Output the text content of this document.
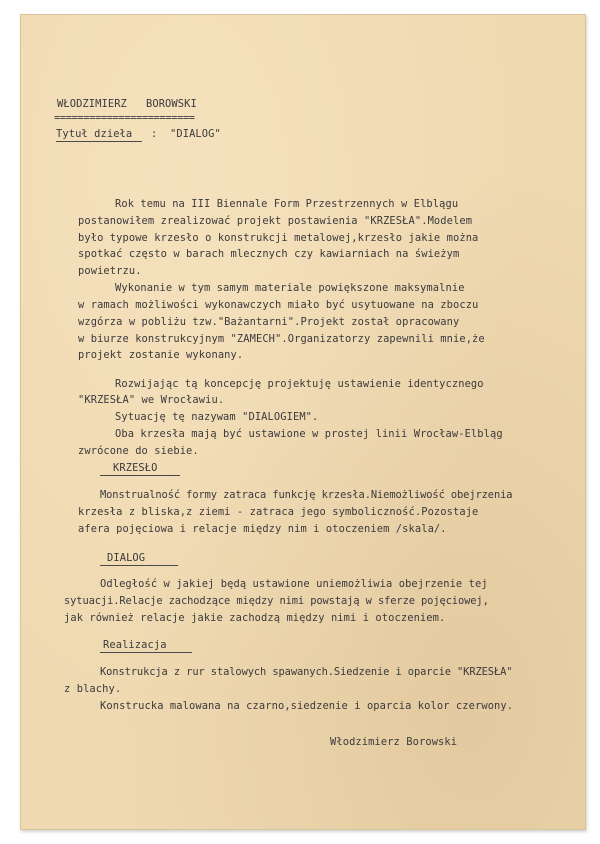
WŁODZIMIERZ   BOROWSKI
========================
Tytuł dzieła : "DIALOG"
Rok temu na III Biennale Form Przestrzennych w Elblągu
postanowiłem zrealizować projekt postawienia "KRZESŁA".Modelem
było typowe krzesło o konstrukcji metalowej,krzesło jakie można
spotkać często w barach mlecznych czy kawiarniach na świeżym
powietrzu.
Wykonanie w tym samym materiale powiększone maksymalnie
w ramach możliwości wykonawczych miało być usytuowane na zboczu
wzgórza w pobliżu tzw."Bażantarni".Projekt został opracowany
w biurze konstrukcyjnym "ZAMECH".Organizatorzy zapewnili mnie,że
projekt zostanie wykonany.
Rozwijając tą koncepcję projektuję ustawienie identycznego
"KRZESŁA" we Wrocławiu.
Sytuację tę nazywam "DIALOGIEM".
Oba krzesła mają być ustawione w prostej linii Wrocław-Elbląg
zwrócone do siebie.
KRZESŁO
Monstrualność formy zatraca funkcję krzesła.Niemożliwość obejrzenia
krzesła z bliska,z ziemi - zatraca jego symboliczność.Pozostaje
afera pojęciowa i relacje między nim i otoczeniem /skala/.
DIALOG
Odległość w jakiej będą ustawione uniemożliwia obejrzenie tej
sytuacji.Relacje zachodzące między nimi powstają w sferze pojęciowej,
jak również relacje jakie zachodzą między nimi i otoczeniem.
Realizacja
Konstrukcja z rur stalowych spawanych.Siedzenie i oparcie "KRZESŁA"
z blachy.
Konstrucka malowana na czarno,siedzenie i oparcia kolor czerwony.
Włodzimierz Borowski
